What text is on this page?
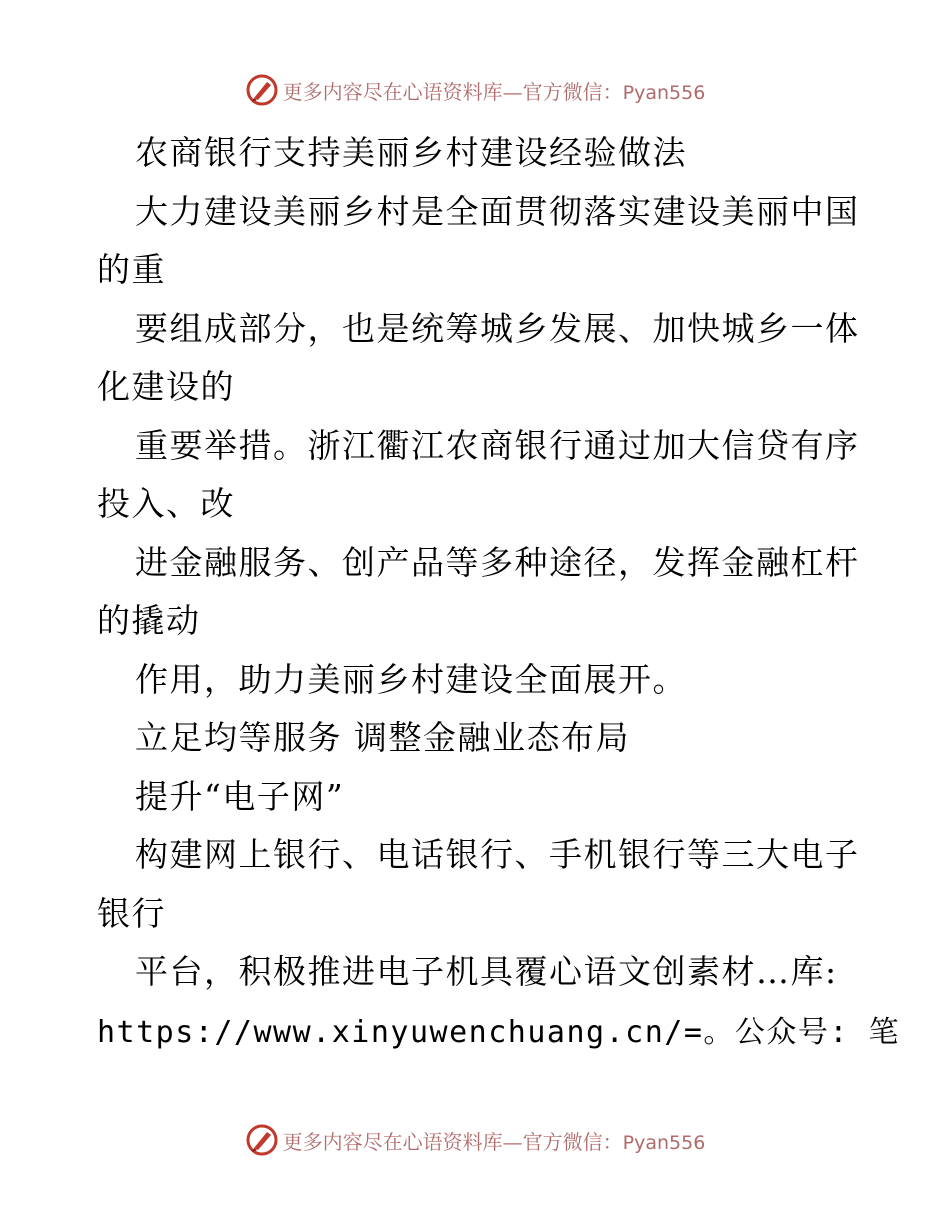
更多内容尽在心语资料库—官方微信：Pyan556
农商银行支持美丽乡村建设经验做法
大力建设美丽乡村是全面贯彻落实建设美丽中国
的重
要组成部分，也是统筹城乡发展、加快城乡一体
化建设的
重要举措。浙江衢江农商银行通过加大信贷有序
投入、改
进金融服务、创产品等多种途径，发挥金融杠杆
的撬动
作用，助力美丽乡村建设全面展开。
立足均等服务 调整金融业态布局
提升“电子网”
构建网上银行、电话银行、手机银行等三大电子
银行
平台，积极推进电子机具覆心语文创素材…库:
https://www.xinyuwenchuang.cn/=。公众号: 笔
更多内容尽在心语资料库—官方微信：Pyan556
